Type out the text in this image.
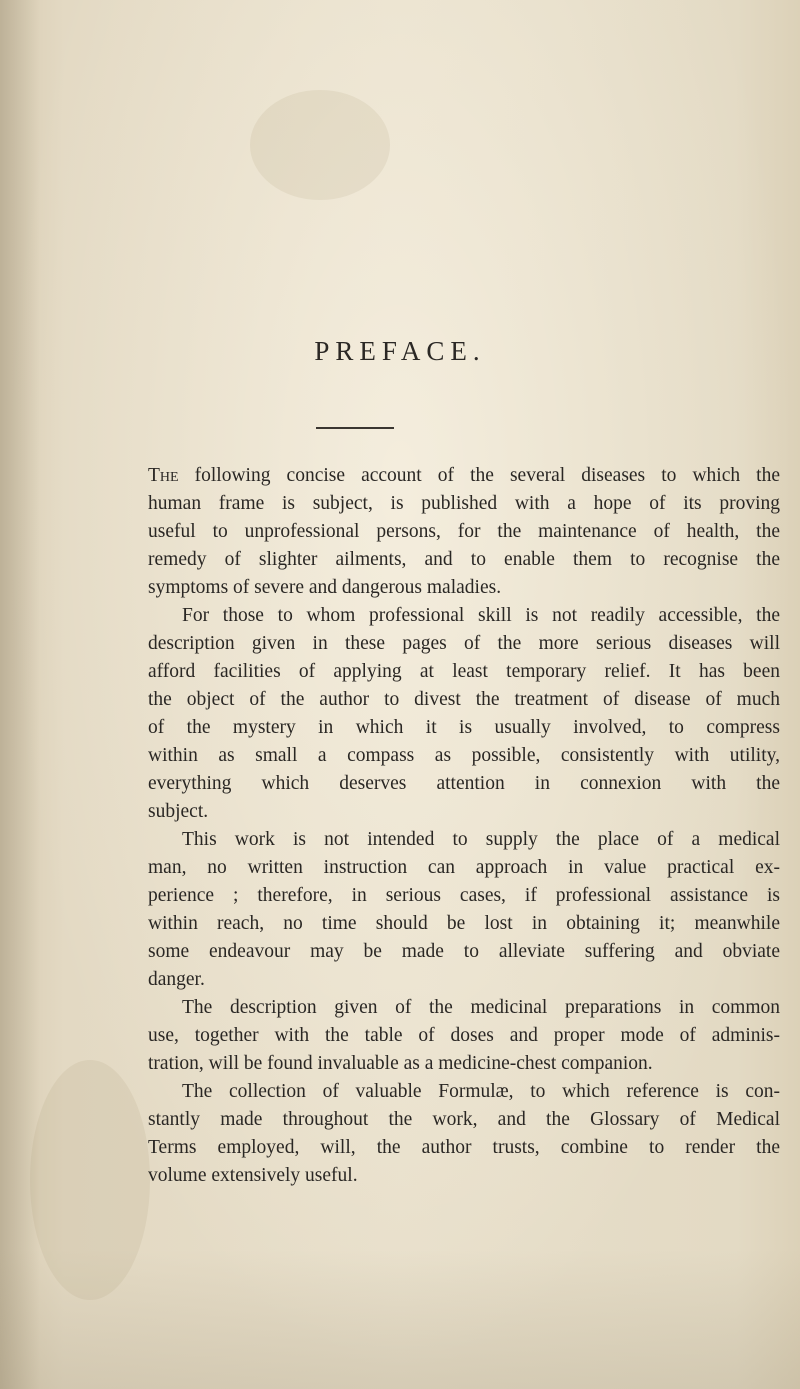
PREFACE.
The following concise account of the several diseases to which the
human frame is subject, is published with a hope of its proving
useful to unprofessional persons, for the maintenance of health, the
remedy of slighter ailments, and to enable them to recognise the
symptoms of severe and dangerous maladies.
For those to whom professional skill is not readily accessible, the
description given in these pages of the more serious diseases will
afford facilities of applying at least temporary relief. It has been
the object of the author to divest the treatment of disease of much
of the mystery in which it is usually involved, to compress
within as small a compass as possible, consistently with utility,
everything which deserves attention in connexion with the
subject.
This work is not intended to supply the place of a medical
man, no written instruction can approach in value practical ex-
perience ; therefore, in serious cases, if professional assistance is
within reach, no time should be lost in obtaining it; meanwhile
some endeavour may be made to alleviate suffering and obviate
danger.
The description given of the medicinal preparations in common
use, together with the table of doses and proper mode of adminis-
tration, will be found invaluable as a medicine-chest companion.
The collection of valuable Formulæ, to which reference is con-
stantly made throughout the work, and the Glossary of Medical
Terms employed, will, the author trusts, combine to render the
volume extensively useful.
